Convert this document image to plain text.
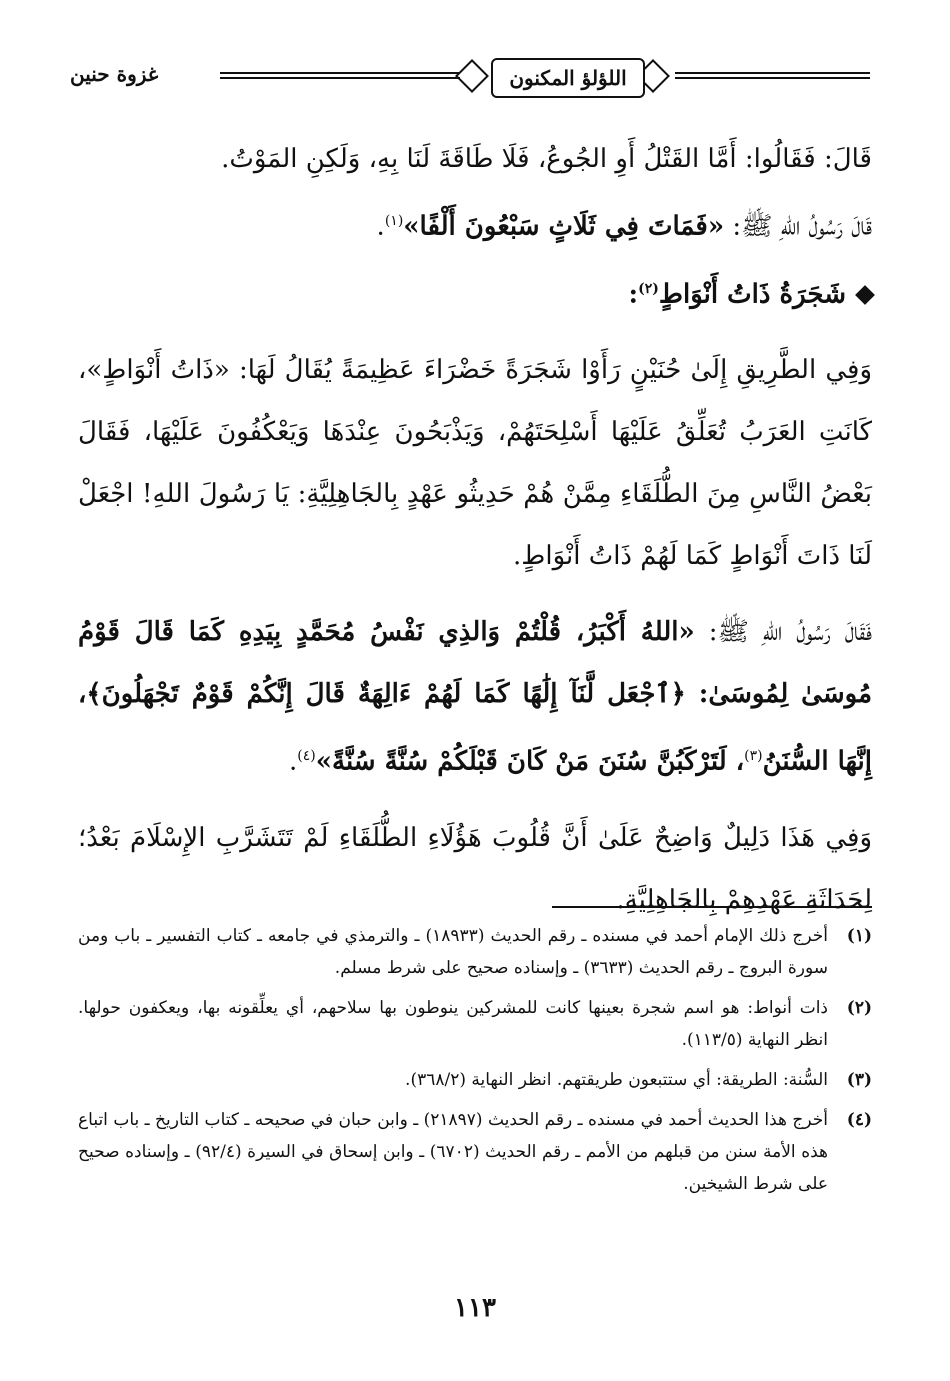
اللؤلؤ المكنون
غزوة حنين

قَالَ: فَقَالُوا: أَمَّا القَتْلُ أَوِ الجُوعُ، فَلَا طَاقَةَ لَنَا بِهِ، وَلَكِنِ المَوْتُ.

قَالَ رَسُولُ اللهِ ﷺ: «فَمَاتَ فِي ثَلَاثٍ سَبْعُونَ أَلْفًا»$^{(١)}$.

شَجَرَةُ ذَاتُ أَنْوَاطٍ$^{(٢)}$:

وَفِي الطَّرِيقِ إِلَىٰ حُنَيْنٍ رَأَوْا شَجَرَةً خَضْرَاءَ عَظِيمَةً يُقَالُ لَهَا: «ذَاتُ أَنْوَاطٍ»، كَانَتِ العَرَبُ تُعَلِّقُ عَلَيْهَا أَسْلِحَتَهُمْ، وَيَذْبَحُونَ عِنْدَهَا وَيَعْكُفُونَ عَلَيْهَا، فَقَالَ بَعْضُ النَّاسِ مِنَ الطُّلَقَاءِ مِمَّنْ هُمْ حَدِيثُو عَهْدٍ بِالجَاهِلِيَّةِ: يَا رَسُولَ اللهِ! اجْعَلْ لَنَا ذَاتَ أَنْوَاطٍ كَمَا لَهُمْ ذَاتُ أَنْوَاطٍ.

فَقَالَ رَسُولُ اللهِ ﷺ: «اللهُ أَكْبَرُ، قُلْتُمْ وَالذِي نَفْسُ مُحَمَّدٍ بِيَدِهِ كَمَا قَالَ قَوْمُ مُوسَىٰ لِمُوسَىٰ: ﴿ٱجْعَل لَّنَآ إِلَٰهًا كَمَا لَهُمْ ءَالِهَةٌ قَالَ إِنَّكُمْ قَوْمٌ تَجْهَلُونَ﴾، إِنَّهَا السُّنَنُ$^{(٣)}$، لَتَرْكَبُنَّ سُنَنَ مَنْ كَانَ قَبْلَكُمْ سُنَّةً سُنَّةً»$^{(٤)}$.

وَفِي هَذَا دَلِيلٌ وَاضِحٌ عَلَىٰ أَنَّ قُلُوبَ هَؤُلَاءِ الطُّلَقَاءِ لَمْ تَتَشَرَّبِ الإِسْلَامَ بَعْدُ؛ لِحَدَاثَةِ عَهْدِهِمْ بِالجَاهِلِيَّةِ.

(١)
أخرج ذلك الإمام أحمد في مسنده ـ رقم الحديث (١٨٩٣٣) ـ والترمذي في جامعه ـ كتاب التفسير ـ باب ومن سورة البروج ـ رقم الحديث (٣٦٣٣) ـ وإسناده صحيح على شرط مسلم.
(٢)
ذات أنواط: هو اسم شجرة بعينها كانت للمشركين ينوطون بها سلاحهم، أي يعلِّقونه بها، ويعكفون حولها. انظر النهاية (١١٣/٥).
(٣)
السُّنة: الطريقة: أي ستتبعون طريقتهم. انظر النهاية (٣٦٨/٢).
(٤)
أخرج هذا الحديث أحمد في مسنده ـ رقم الحديث (٢١٨٩٧) ـ وابن حبان في صحيحه ـ كتاب التاريخ ـ باب اتباع هذه الأمة سنن من قبلهم من الأمم ـ رقم الحديث (٦٧٠٢) ـ وابن إسحاق في السيرة (٩٢/٤) ـ وإسناده صحيح على شرط الشيخين.
١١٣
